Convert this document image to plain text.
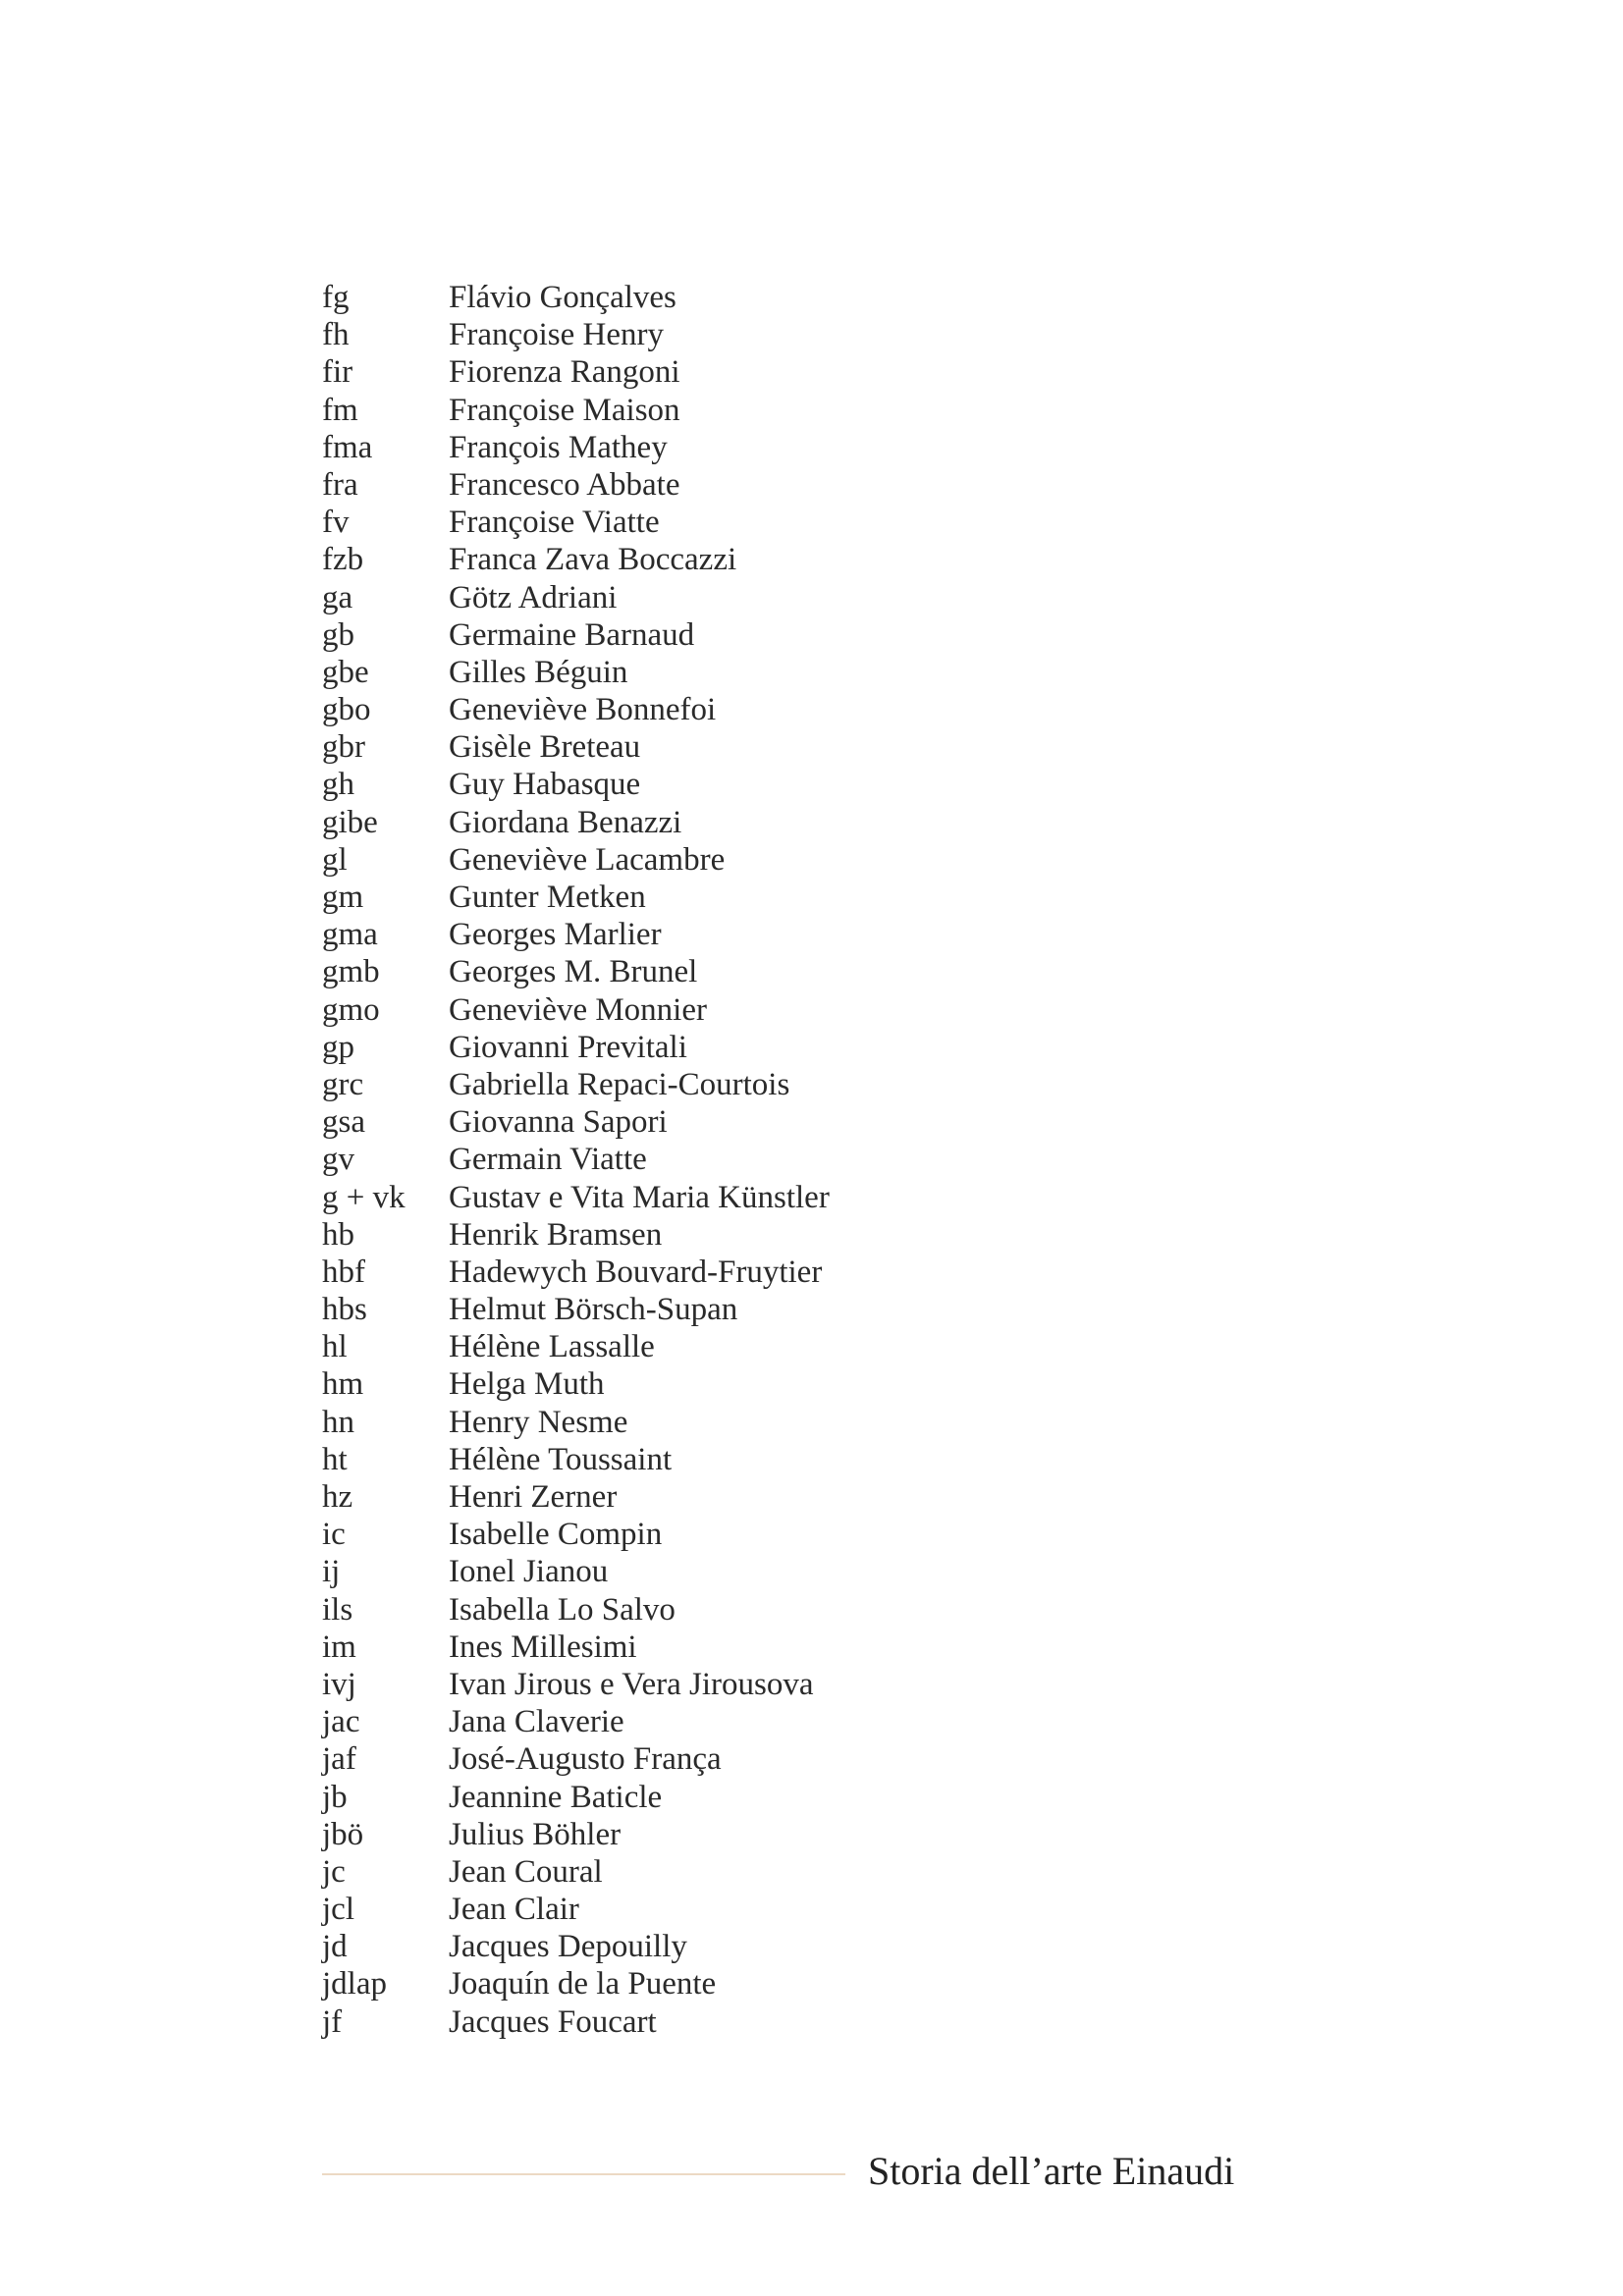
fg	Flávio Gonçalves
fh	Françoise Henry
fir	Fiorenza Rangoni
fm	Françoise Maison
fma François Mathey
fra	Francesco Abbate
fv	Françoise Viatte
fzb	Franca Zava Boccazzi
ga	Götz Adriani
gb	Germaine Barnaud
gbe Gilles Béguin
gbo Geneviève Bonnefoi
gbr	Gisèle Breteau
gh	Guy Habasque
gibe Giordana Benazzi
gl	Geneviève Lacambre
gm	Gunter Metken
gma Georges Marlier
gmb Georges M. Brunel
gmo Geneviève Monnier
gp	Giovanni Previtali
grc	Gabriella Repaci-Courtois
gsa	Giovanna Sapori
gv	Germain Viatte
g + vk Gustav e Vita Maria Künstler
hb	Henrik Bramsen
hbf	Hadewych Bouvard-Fruytier
hbs	Helmut Börsch-Supan
hl	Hélène Lassalle
hm	Helga Muth
hn	Henry Nesme
ht	Hélène Toussaint
hz	Henri Zerner
ic	Isabelle Compin
ij	Ionel Jianou
ils	Isabella Lo Salvo
im	Ines Millesimi
ivj	Ivan Jirous e Vera Jirousova
jac	Jana Claverie
jaf	José-Augusto França
jb	Jeannine Baticle
jbö	Julius Böhler
jc	Jean Coural
jcl	Jean Clair
jd	Jacques Depouilly
jdlap Joaquín de la Puente
jf	Jacques Foucart
Storia dell’arte Einaudi
